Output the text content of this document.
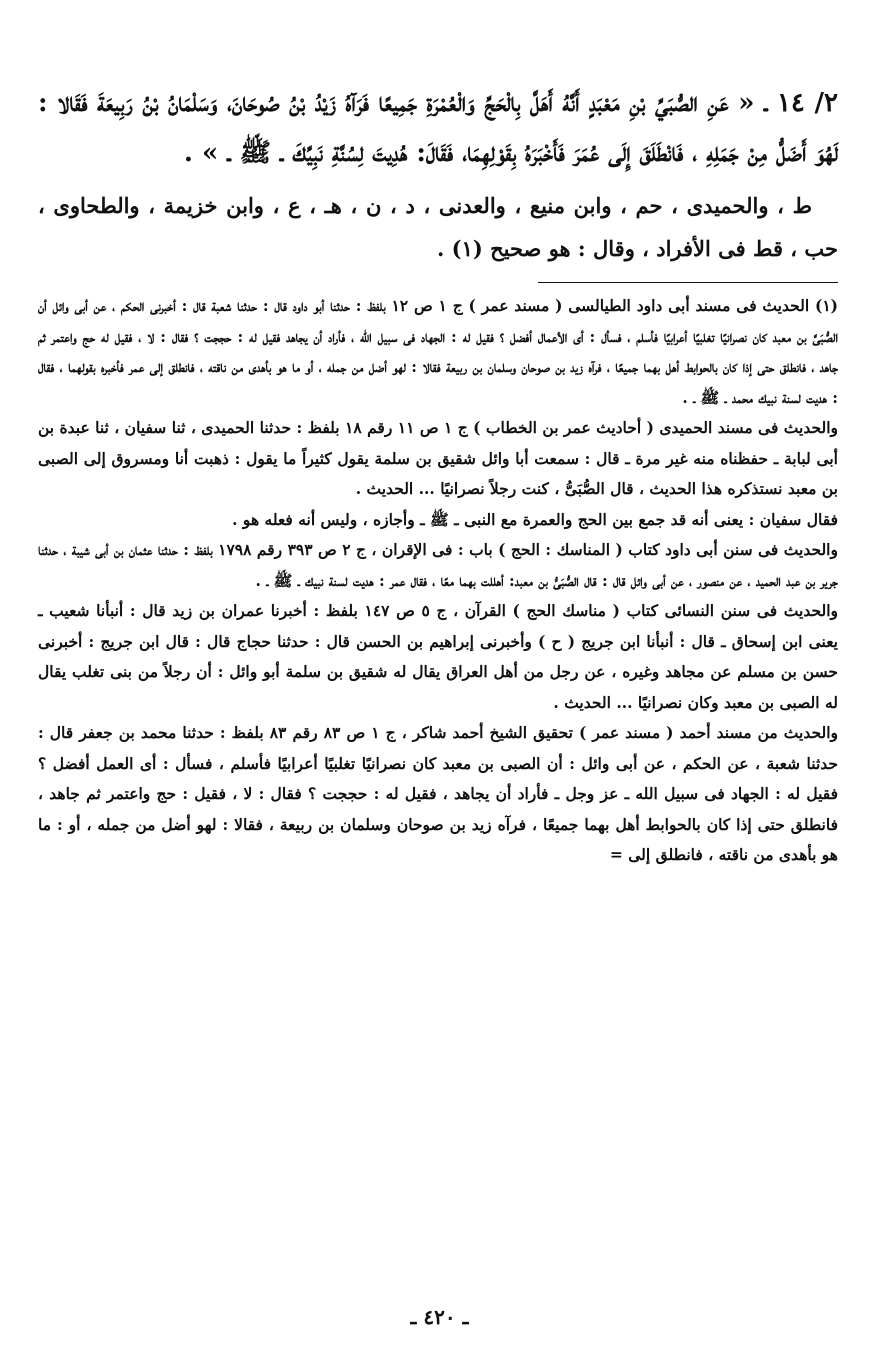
٢/ ١٤ ـ « عَنِ الصُّبَيِّ بْنِ مَعْبَدٍ أَنَّهُ أَهَلَّ بِالْحَجِّ وَالْعُمْرَةِ جَمِيعًا فَرَآهُ زَيْدُ بْنُ صُوحَانَ، وَسَلْمَانُ بْنُ رَبِيعَةَ فَقَالا : لَهُوَ أَضَلُّ مِنْ جَمَلِهِ ، فَانْطَلَقَ إِلَى عُمَرَ فَأَخْبَرَهُ بِقَوْلِهِمَا، فَقَالَ: هُدِيتَ لِسُنَّةِ نَبِيِّكَ ـ ﷺ ـ » .

ط ، والحميدى ، حم ، وابن منيع ، والعدنى ، د ، ن ، هـ ، ع ، وابن خزيمة ، والطحاوى ، حب ، قط فى الأفراد ، وقال : هو صحيح (١) .

(١) الحديث فى مسند أبى داود الطيالسى ( مسند عمر ) ج ١ ص ١٢ بلفظ : حدثنا أبو داود قال : حدثنا شعبة قال : أخبرنى الحكم ، عن أبى وائل أن الصُّبَىَّ بن معبد كان نصرانيًا تغلبيًا أعرابيًا فأسلم ، فسأل : أى الأعمال أفضل ؟ فقيل له : الجهاد فى سبيل الله ، فأراد أن يجاهد فقيل له : حججت ؟ فقال : لا ، فقيل له حج واعتمر ثم جاهد ، فانطلق حتى إذا كان بالحوابط أهل بهما جميعًا ، فرآه زيد بن صوحان وسلمان بن ربيعة فقالا : لهو أضل من جمله ، أو ما هو بأهدى من ناقته ، فانطلق إلى عمر فأخبره بقولهما ، فقال : هديت لسنة نبيك محمد ـ ﷺ ـ .

والحديث فى مسند الحميدى ( أحاديث عمر بن الخطاب ) ج ١ ص ١١ رقم ١٨ بلفظ : حدثنا الحميدى ، ثنا سفيان ، ثنا عبدة بن أبى لبابة ـ حفظناه منه غير مرة ـ قال : سمعت أبا وائل شقيق بن سلمة يقول كثيراً ما يقول : ذهبت أنا ومسروق إلى الصبى بن معبد نستذكره هذا الحديث ، قال الصُّبَىُّ ، كنت رجلاً نصرانيًا ... الحديث .

فقال سفيان : يعنى أنه قد جمع بين الحج والعمرة مع النبى ـ ﷺ ـ وأجازه ، وليس أنه فعله هو .

والحديث فى سنن أبى داود كتاب ( المناسك : الحج ) باب : فى الإقران ، ج ٢ ص ٣٩٣ رقم ١٧٩٨ بلفظ : حدثنا عثمان بن أبى شيبة ، حدثنا جرير بن عبد الحميد ، عن منصور ، عن أبى وائل قال : قال الصُّبَىُّ بن معبد: أهللت بهما معًا ، فقال عمر : هديت لسنة نبيك ـ ﷺ ـ .

والحديث فى سنن النسائى كتاب ( مناسك الحج ) القرآن ، ج ٥ ص ١٤٧ بلفظ : أخبرنا عمران بن زيد قال : أنبأنا شعيب ـ يعنى ابن إسحاق ـ قال : أنبأنا ابن جريج ( ح ) وأخبرنى إبراهيم بن الحسن قال : حدثنا حجاج قال : قال ابن جريج : أخبرنى حسن بن مسلم عن مجاهد وغيره ، عن رجل من أهل العراق يقال له شقيق بن سلمة أبو وائل : أن رجلاً من بنى تغلب يقال له الصبى بن معبد وكان نصرانيًا ... الحديث .

والحديث من مسند أحمد ( مسند عمر ) تحقيق الشيخ أحمد شاكر ، ج ١ ص ٨٣ رقم ٨٣ بلفظ : حدثنا محمد بن جعفر قال : حدثنا شعبة ، عن الحكم ، عن أبى وائل : أن الصبى بن معبد كان نصرانيًا تغلبيًا أعرابيًا فأسلم ، فسأل : أى العمل أفضل ؟ فقيل له : الجهاد فى سبيل الله ـ عز وجل ـ فأراد أن يجاهد ، فقيل له : حججت ؟ فقال : لا ، فقيل : حج واعتمر ثم جاهد ، فانطلق حتى إذا كان بالحوابط أهل بهما جميعًا ، فرآه زيد بن صوحان وسلمان بن ربيعة ، فقالا : لهو أضل من جمله ، أو : ما هو بأهدى من ناقته ، فانطلق إلى =

ـ ٤٢٠ ـ
